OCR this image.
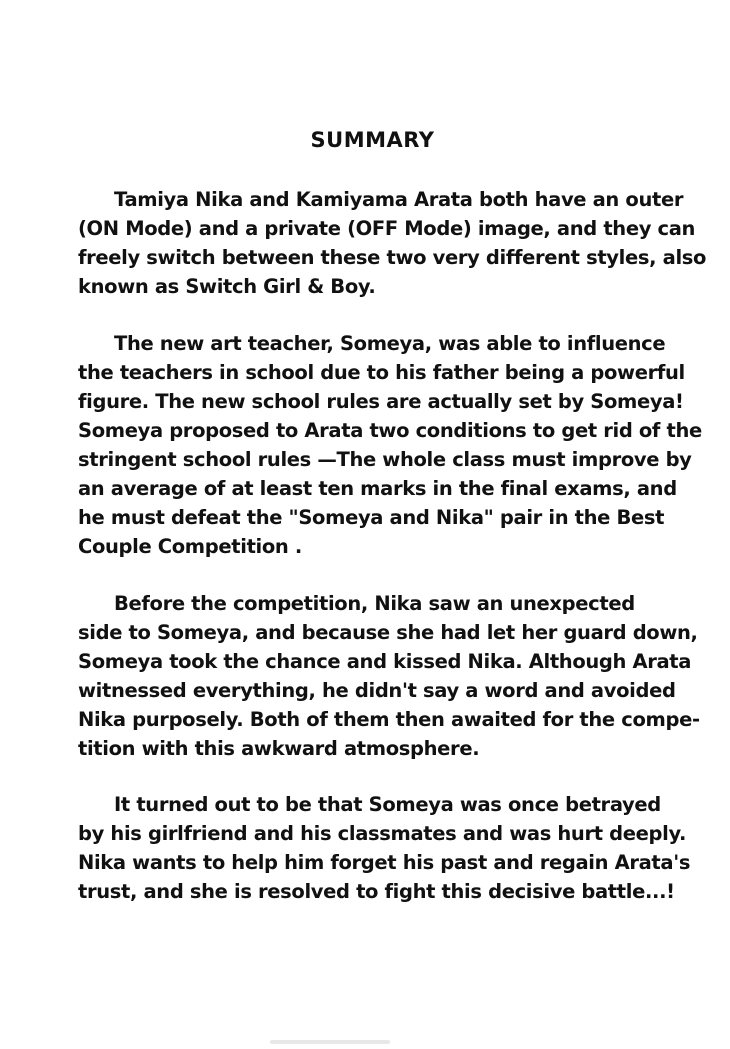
SUMMARY
Tamiya Nika and Kamiyama Arata both have an outer
(ON Mode) and a private (OFF Mode) image, and they can
freely switch between these two very different styles, also
known as Switch Girl & Boy.
The new art teacher, Someya, was able to influence
the teachers in school due to his father being a powerful
figure. The new school rules are actually set by Someya!
Someya proposed to Arata two conditions to get rid of the
stringent school rules —The whole class must improve by
an average of at least ten marks in the final exams, and
he must defeat the "Someya and Nika" pair in the Best
Couple Competition .
Before the competition, Nika saw an unexpected
side to Someya, and because she had let her guard down,
Someya took the chance and kissed Nika. Although Arata
witnessed everything, he didn't say a word and avoided
Nika purposely. Both of them then awaited for the compe-
tition with this awkward atmosphere.
It turned out to be that Someya was once betrayed
by his girlfriend and his classmates and was hurt deeply.
Nika wants to help him forget his past and regain Arata's
trust, and she is resolved to fight this decisive battle...!
